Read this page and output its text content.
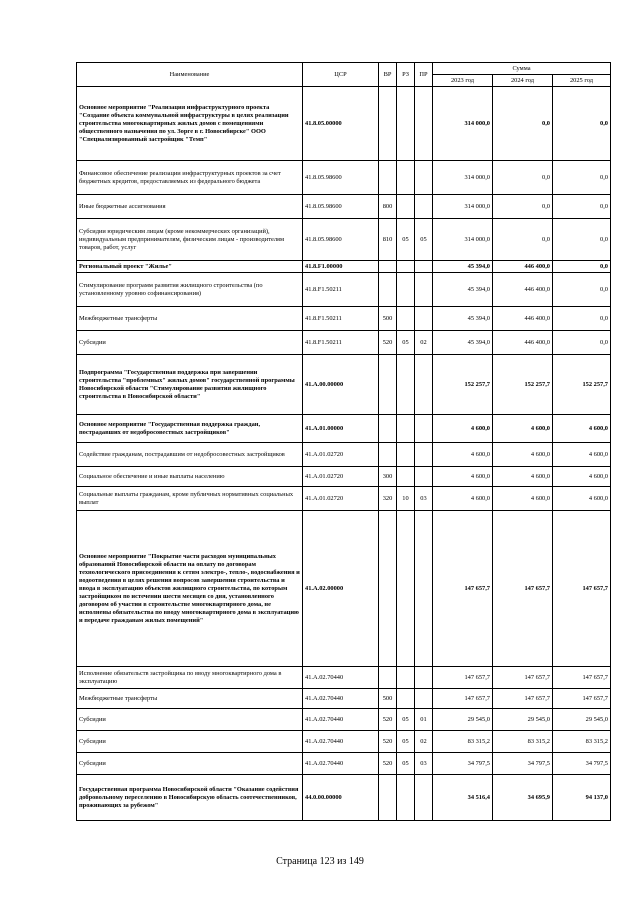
Наименование	ЦСР	ВР	РЗ	ПР	Сумма		
					2023 год	2024 год	2025 год
Основное мероприятие "Реализация инфраструктурного проекта "Создание объекта коммунальной инфраструктуры в целях реализации строительства многоквартирных жилых домов с помещениями общественного назначения по ул. Зорге в г. Новосибирске" ООО "Специализированный застройщик "Темп"	41.8.05.00000				314 000,0	0,0	0,0
Финансовое обеспечение реализации инфраструктурных проектов за счет бюджетных кредитов, предоставляемых из федерального бюджета	41.8.05.98600				314 000,0	0,0	0,0
Иные бюджетные ассигнования	41.8.05.98600	800			314 000,0	0,0	0,0
Субсидии юридическим лицам (кроме некоммерческих организаций), индивидуальным предпринимателям, физическим лицам - производителям товаров, работ, услуг	41.8.05.98600	810	05	05	314 000,0	0,0	0,0
Региональный проект "Жилье"	41.8.F1.00000				45 394,0	446 400,0	0,0
Стимулирование программ развития жилищного строительства (по установленному уровню софинансирования)	41.8.F1.50211				45 394,0	446 400,0	0,0
Межбюджетные трансферты	41.8.F1.50211	500			45 394,0	446 400,0	0,0
Субсидии	41.8.F1.50211	520	05	02	45 394,0	446 400,0	0,0
Подпрограмма "Государственная поддержка при завершении строительства "проблемных" жилых домов" государственной программы Новосибирской области "Стимулирование развития жилищного строительства в Новосибирской области"	41.А.00.00000				152 257,7	152 257,7	152 257,7
Основное мероприятие "Государственная поддержка граждан, пострадавших от недобросовестных застройщиков"	41.А.01.00000				4 600,0	4 600,0	4 600,0
Содействие гражданам, пострадавшим от недобросовестных застройщиков	41.А.01.02720				4 600,0	4 600,0	4 600,0
Социальное обеспечение и иные выплаты населению	41.А.01.02720	300			4 600,0	4 600,0	4 600,0
Социальные выплаты гражданам, кроме публичных нормативных социальных выплат	41.А.01.02720	320	10	03	4 600,0	4 600,0	4 600,0
Основное мероприятие "Покрытие части расходов муниципальных образований Новосибирской области на оплату по договорам технологического присоединения к сетям электро-, тепло-, водоснабжения и водоотведения в целях решения вопросов завершения строительства и ввода в эксплуатацию объектов жилищного строительства, по которым застройщиком по истечении шести месяцев со дня, установленного договором об участии в строительстве многоквартирного дома, не исполнены обязательства по вводу многоквартирного дома в эксплуатацию и передаче гражданам жилых помещений"	41.А.02.00000				147 657,7	147 657,7	147 657,7
Исполнение обязательств застройщика по вводу многоквартирного дома в эксплуатацию	41.А.02.70440				147 657,7	147 657,7	147 657,7
Межбюджетные трансферты	41.А.02.70440	500			147 657,7	147 657,7	147 657,7
Субсидии	41.А.02.70440	520	05	01	29 545,0	29 545,0	29 545,0
Субсидии	41.А.02.70440	520	05	02	83 315,2	83 315,2	83 315,2
Субсидии	41.А.02.70440	520	05	03	34 797,5	34 797,5	34 797,5
Государственная программа Новосибирской области "Оказание содействия добровольному переселению в Новосибирскую область соотечественников, проживающих за рубежом"	44.0.00.00000				34 516,4	34 695,9	94 137,0
Страница 123 из 149
